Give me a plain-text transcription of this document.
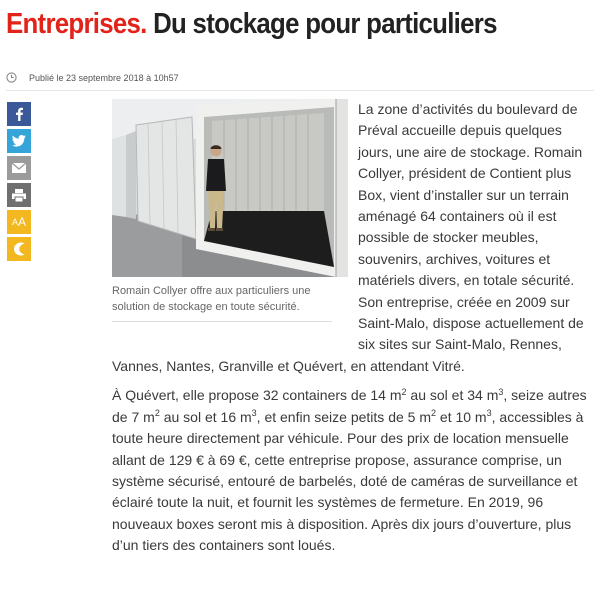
Entreprises. Du stockage pour particuliers
Publié le 23 septembre 2018 à 10h57
A A
Romain Collyer offre aux particuliers une solution de stockage en toute sécurité.

La zone d’activités du boulevard de Préval accueille depuis quelques jours, une aire de stockage. Romain Collyer, président de Contient plus Box, vient d’installer sur un terrain aménagé 64 containers où il est possible de stocker meubles, souvenirs, archives, voitures et matériels divers, en totale sécurité. Son entreprise, créée en 2009 sur Saint-Malo, dispose actuellement de six sites sur Saint-Malo, Rennes, Vannes, Nantes, Granville et Quévert, en attendant Vitré.

À Quévert, elle propose 32 containers de 14 $m^2$ au sol et 34 $m^3$, seize autres de 7 $m^2$ au sol et 16 $m^3$, et enfin seize petits de 5 $m^2$ et 10 $m^3$, accessibles à toute heure directement par véhicule. Pour des prix de location mensuelle allant de 129 € à 69 €, cette entreprise propose, assurance comprise, un système sécurisé, entouré de barbelés, doté de caméras de surveillance et éclairé toute la nuit, et fournit les systèmes de fermeture. En 2019, 96 nouveaux boxes seront mis à disposition. Après dix jours d’ouverture, plus d’un tiers des containers sont loués.
